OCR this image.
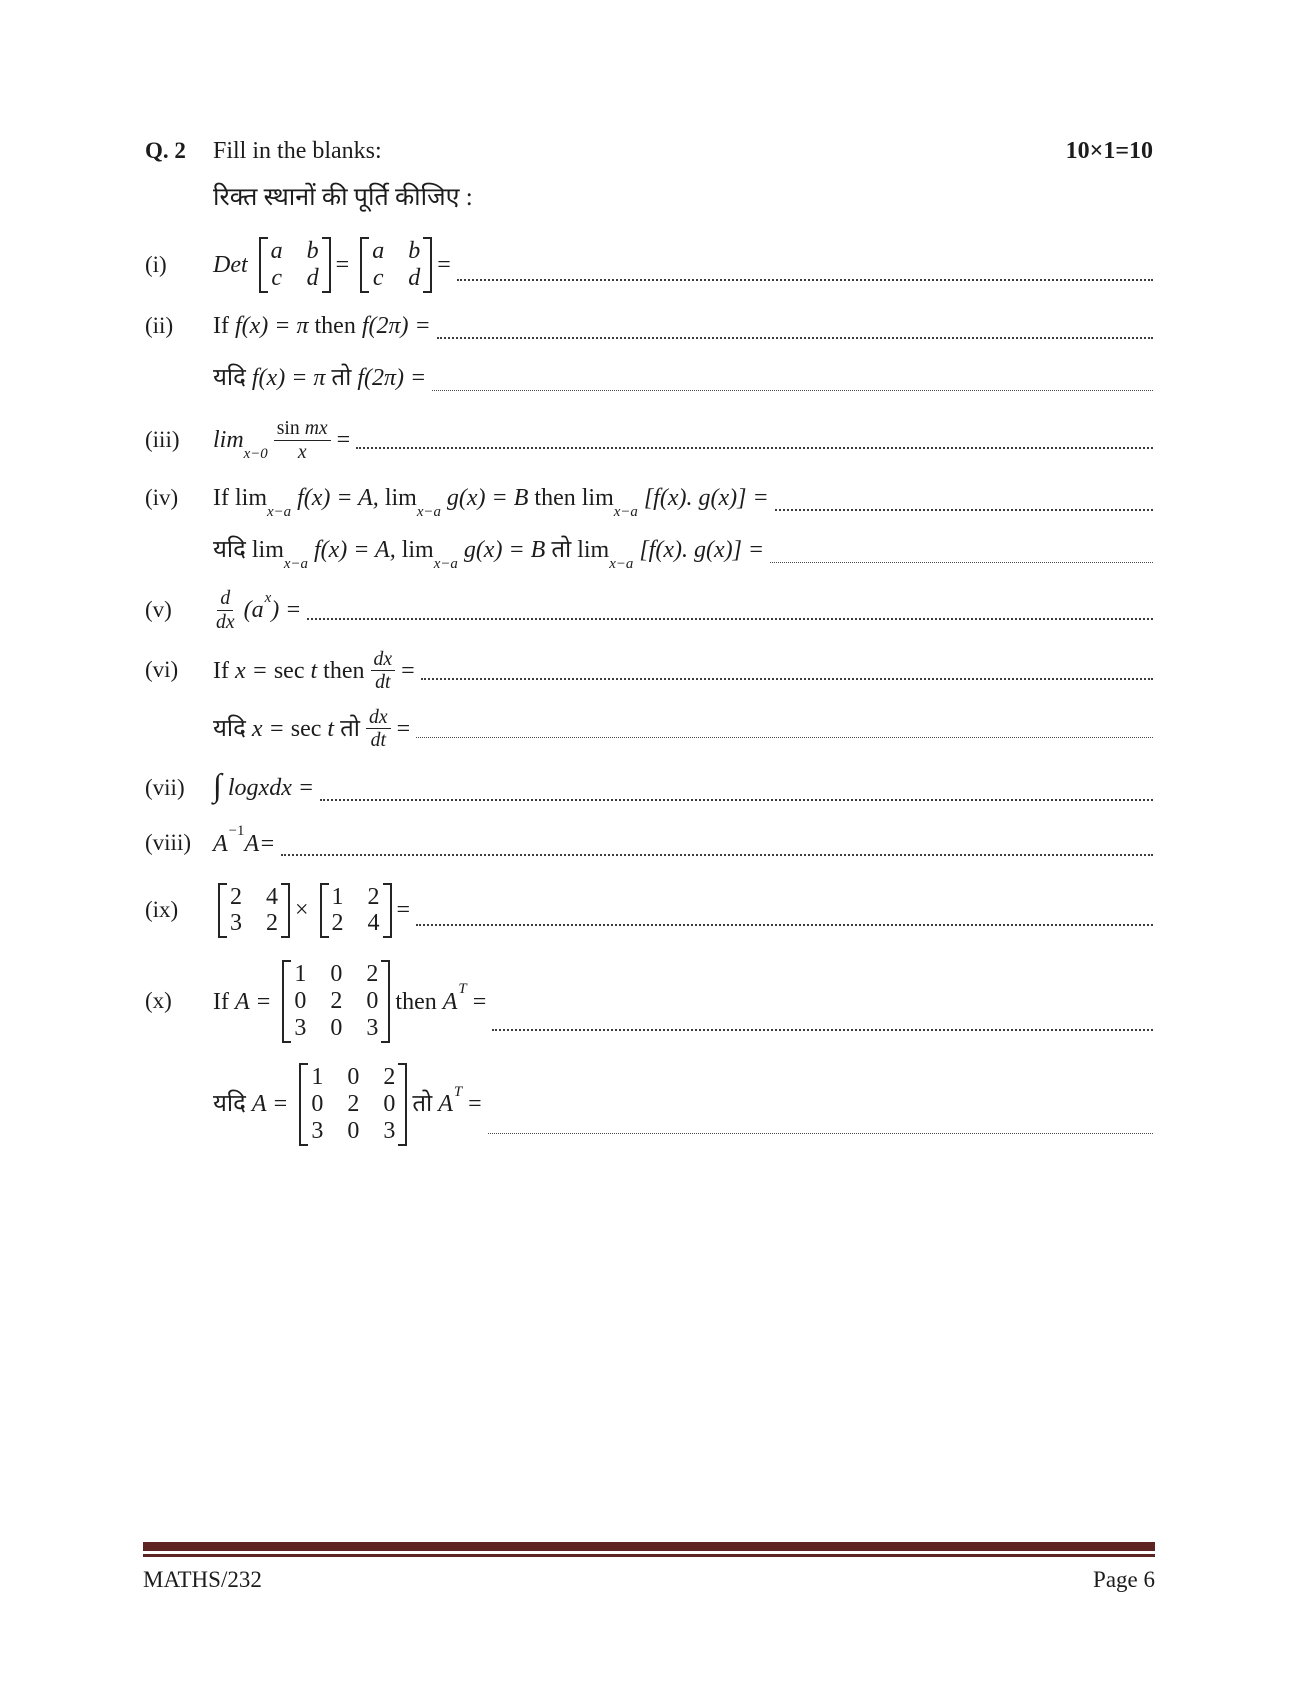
Q. 2	Fill in the blanks:	10×1=10
रिक्त स्थानों की पूर्ति कीजिए :
(i)	Det
a b
c d =
a b
c d =
(ii)	If f(x) = π then f(2π) =
यदि f(x) = π तो f(2π) =
(iii)	$\lim_{x-0} \frac{\text{sin mx}}{x}$ =
(iv)	If $\lim_{x-a}$
f(x) = A, $\lim_{x-a}$
g(x) = B then $\lim_{x-a}$
[f(x). g(x)] =
यदि $\lim_{x-a}$
f(x) = A, $\lim_{x-a}$
g(x) = B तो $\lim_{x-a}$
[f(x). g(x)] =
(v)	$\frac{d}{dx} (a^x)$ =
(vi)	If x = sec t then $\frac{dx}{dt}$ =
यदि x = sec t तो $\frac{dx}{dt}$ =
(vii) ∫ logxdx =
(viii) $A^{-1}A=$
(ix)	2 4
3 2 ×
1 2
2 4 =
(x)	If A =
1 0 2
0 2 0
3 0 3
then $A^T$ =
यदि A =
1 0 2
0 2 0
3 0 3
तो $A^T$ =
MATHS/232	Page 6
